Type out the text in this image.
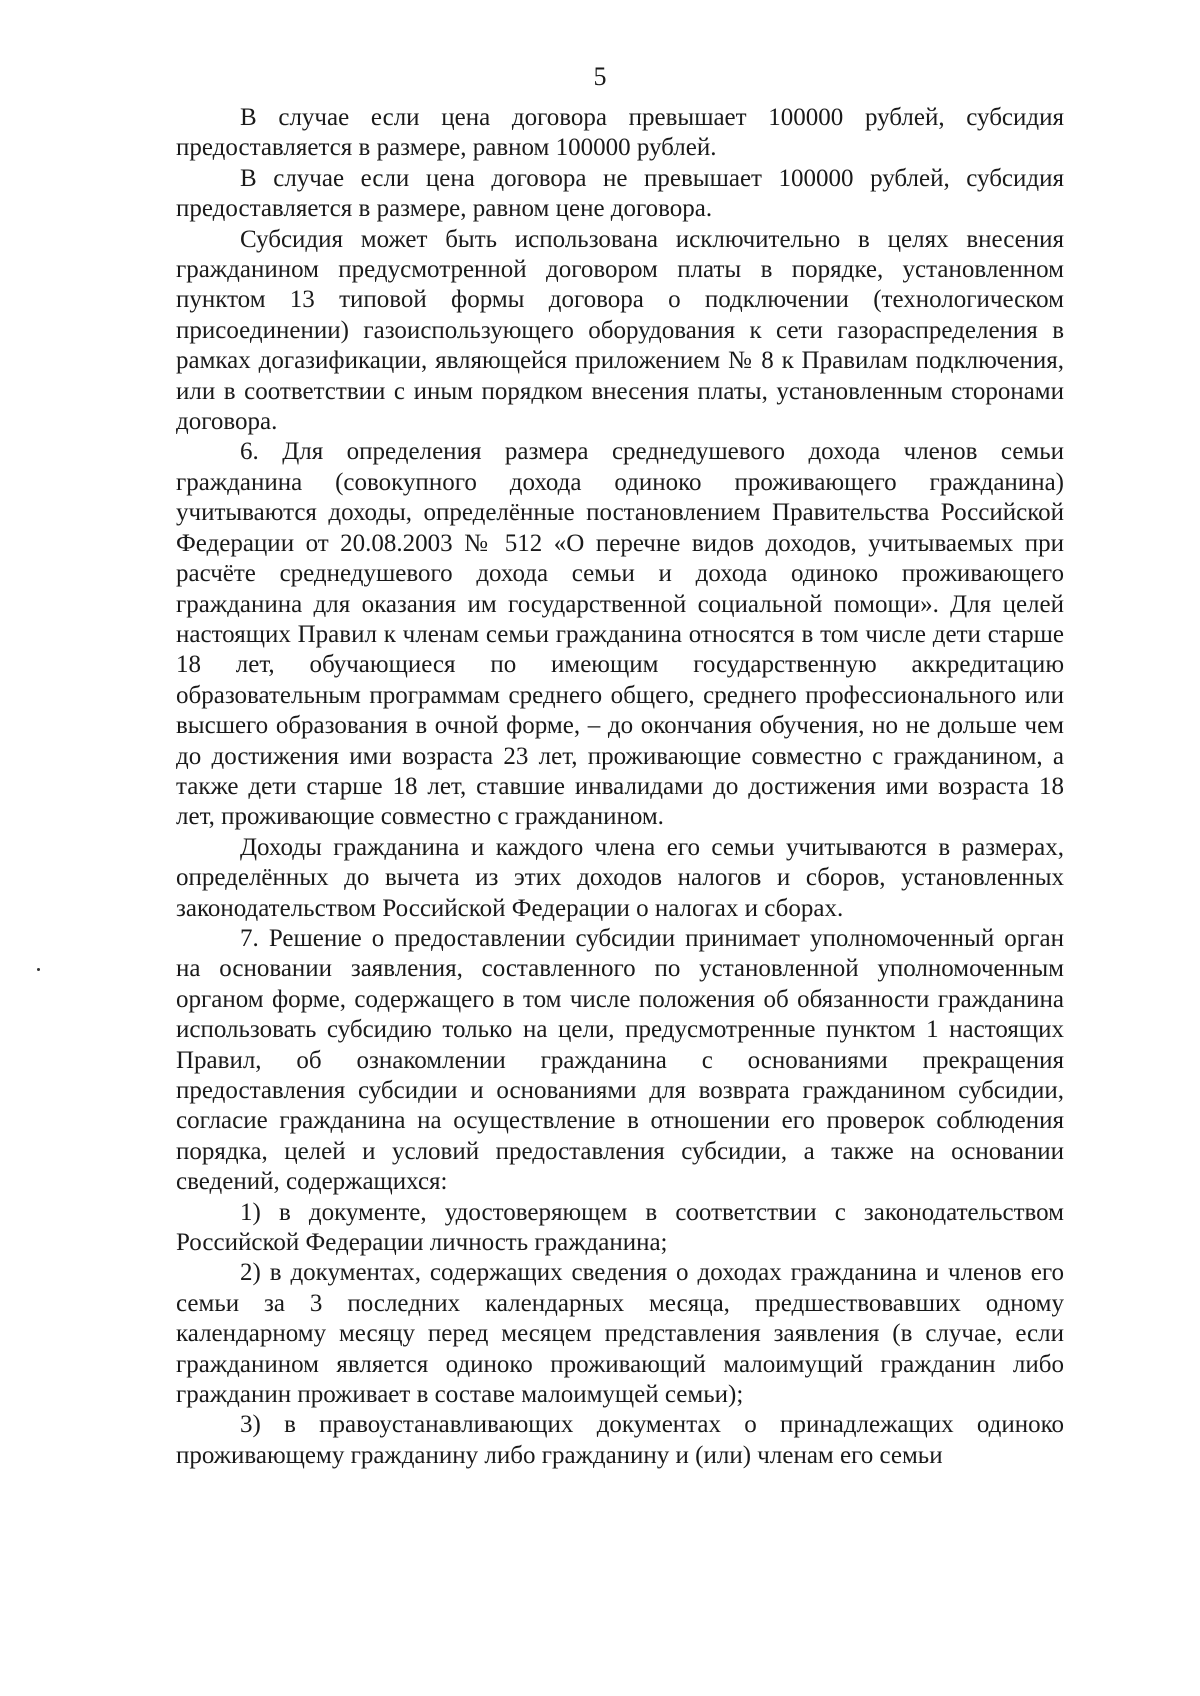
5

В случае если цена договора превышает 100000 рублей, субсидия предоставляется в размере, равном 100000 рублей.

В случае если цена договора не превышает 100000 рублей, субсидия предоставляется в размере, равном цене договора.

Субсидия может быть использована исключительно в целях внесения гражданином предусмотренной договором платы в порядке, установленном пунктом 13 типовой формы договора о подключении (технологическом присоединении) газоиспользующего оборудования к сети газораспределения в рамках догазификации, являющейся приложением № 8 к Правилам подключения, или в соответствии с иным порядком внесения платы, установленным сторонами договора.

6. Для определения размера среднедушевого дохода членов семьи гражданина (совокупного дохода одиноко проживающего гражданина) учитываются доходы, определённые постановлением Правительства Российской Федерации от 20.08.2003 № 512 «О перечне видов доходов, учитываемых при расчёте среднедушевого дохода семьи и дохода одиноко проживающего гражданина для оказания им государственной социальной помощи». Для целей настоящих Правил к членам семьи гражданина относятся в том числе дети старше 18 лет, обучающиеся по имеющим государственную аккредитацию образовательным программам среднего общего, среднего профессионального или высшего образования в очной форме, – до окончания обучения, но не дольше чем до достижения ими возраста 23 лет, проживающие совместно с гражданином, а также дети старше 18 лет, ставшие инвалидами до достижения ими возраста 18 лет, проживающие совместно с гражданином.

Доходы гражданина и каждого члена его семьи учитываются в размерах, определённых до вычета из этих доходов налогов и сборов, установленных законодательством Российской Федерации о налогах и сборах.

7. Решение о предоставлении субсидии принимает уполномоченный орган на основании заявления, составленного по установленной уполномоченным органом форме, содержащего в том числе положения об обязанности гражданина использовать субсидию только на цели, предусмотренные пунктом 1 настоящих Правил, об ознакомлении гражданина с основаниями прекращения предоставления субсидии и основаниями для возврата гражданином субсидии, согласие гражданина на осуществление в отношении его проверок соблюдения порядка, целей и условий предоставления субсидии, а также на основании сведений, содержащихся:

1) в документе, удостоверяющем в соответствии с законодательством Российской Федерации личность гражданина;

2) в документах, содержащих сведения о доходах гражданина и членов его семьи за 3 последних календарных месяца, предшествовавших одному календарному месяцу перед месяцем представления заявления (в случае, если гражданином является одиноко проживающий малоимущий гражданин либо гражданин проживает в составе малоимущей семьи);

3) в правоустанавливающих документах о принадлежащих одиноко проживающему гражданину либо гражданину и (или) членам его семьи
